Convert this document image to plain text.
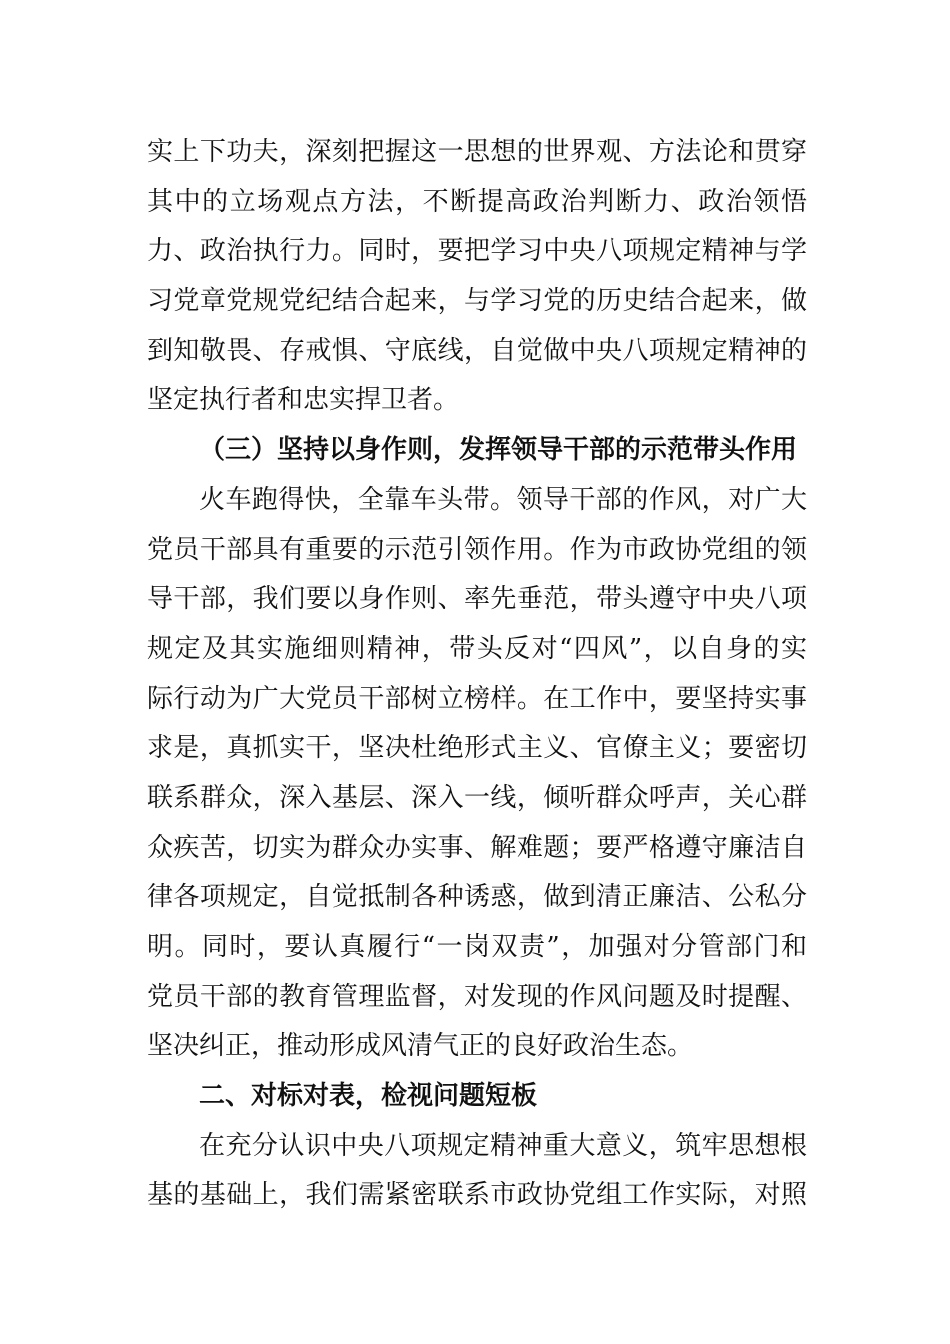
实上下功夫，深刻把握这一思想的世界观、方法论和贯穿
其中的立场观点方法，不断提高政治判断力、政治领悟
力、政治执行力。同时，要把学习中央八项规定精神与学
习党章党规党纪结合起来，与学习党的历史结合起来，做
到知敬畏、存戒惧、守底线，自觉做中央八项规定精神的
坚定执行者和忠实捍卫者。
（三）坚持以身作则，发挥领导干部的示范带头作用
火车跑得快，全靠车头带。领导干部的作风，对广大
党员干部具有重要的示范引领作用。作为市政协党组的领
导干部，我们要以身作则、率先垂范，带头遵守中央八项
规定及其实施细则精神，带头反对“四风”，以自身的实
际行动为广大党员干部树立榜样。在工作中，要坚持实事
求是，真抓实干，坚决杜绝形式主义、官僚主义；要密切
联系群众，深入基层、深入一线，倾听群众呼声，关心群
众疾苦，切实为群众办实事、解难题；要严格遵守廉洁自
律各项规定，自觉抵制各种诱惑，做到清正廉洁、公私分
明。同时，要认真履行“一岗双责”，加强对分管部门和
党员干部的教育管理监督，对发现的作风问题及时提醒、
坚决纠正，推动形成风清气正的良好政治生态。
二、对标对表，检视问题短板
在充分认识中央八项规定精神重大意义，筑牢思想根
基的基础上，我们需紧密联系市政协党组工作实际，对照
